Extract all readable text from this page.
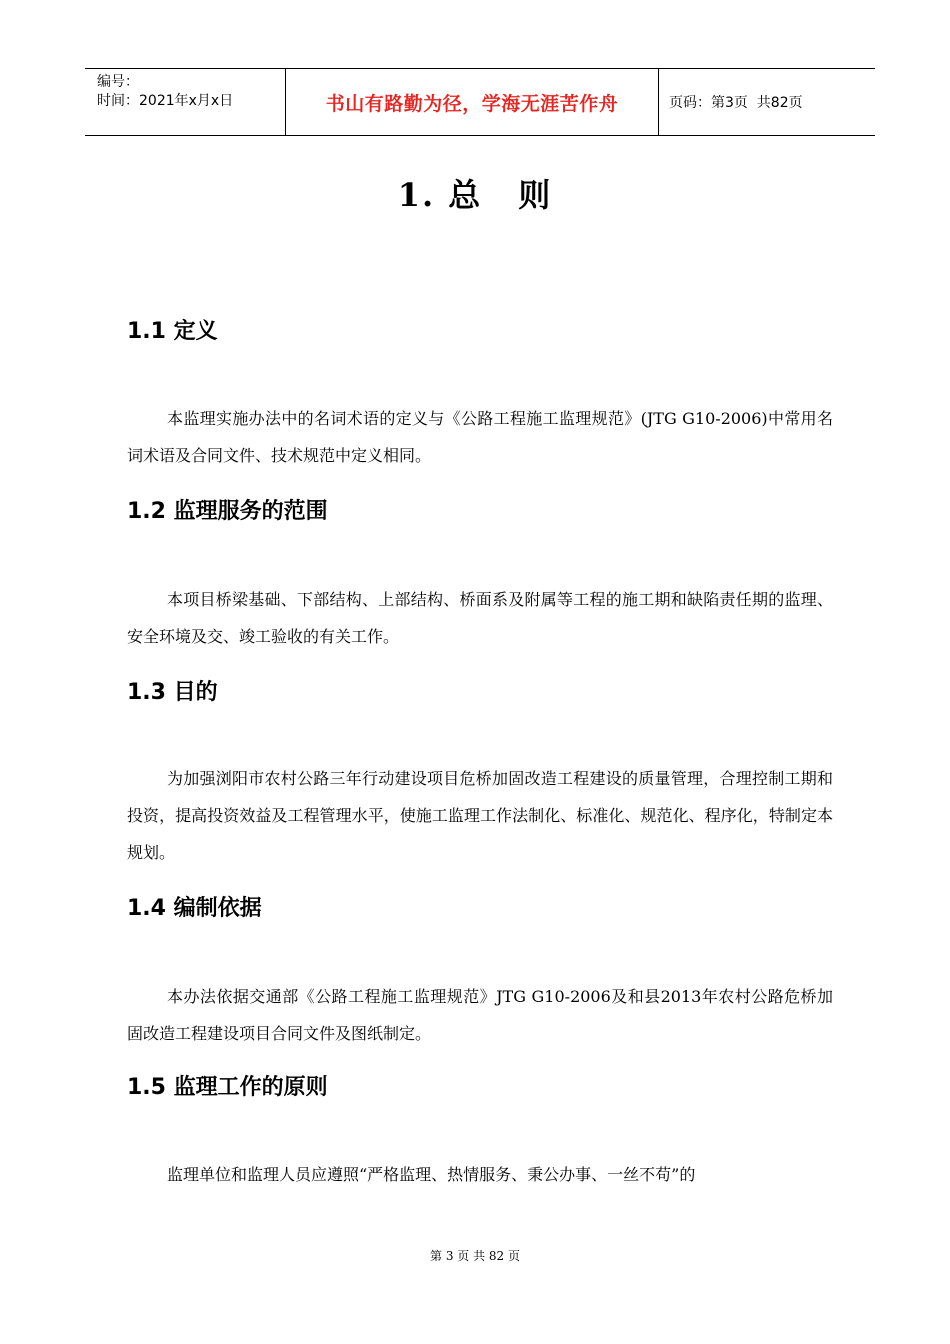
编号：
时间：2021年x月x日	书山有路勤为径，学海无涯苦作舟	页码：第3页  共82页
1. 总 则
1.1 定义

本监理实施办法中的名词术语的定义与《公路工程施工监理规范》(JTG G10-2006)中常用名词术语及合同文件、技术规范中定义相同。

1.2 监理服务的范围

本项目桥梁基础、下部结构、上部结构、桥面系及附属等工程的施工期和缺陷责任期的监理、安全环境及交、竣工验收的有关工作。

1.3 目的

为加强浏阳市农村公路三年行动建设项目危桥加固改造工程建设的质量管理，合理控制工期和投资，提高投资效益及工程管理水平，使施工监理工作法制化、标准化、规范化、程序化，特制定本规划。

1.4 编制依据

本办法依据交通部《公路工程施工监理规范》JTG G10-2006及和县2013年农村公路危桥加固改造工程建设项目合同文件及图纸制定。

1.5 监理工作的原则

监理单位和监理人员应遵照“严格监理、热情服务、秉公办事、一丝不苟”的

第 3 页 共 82 页
